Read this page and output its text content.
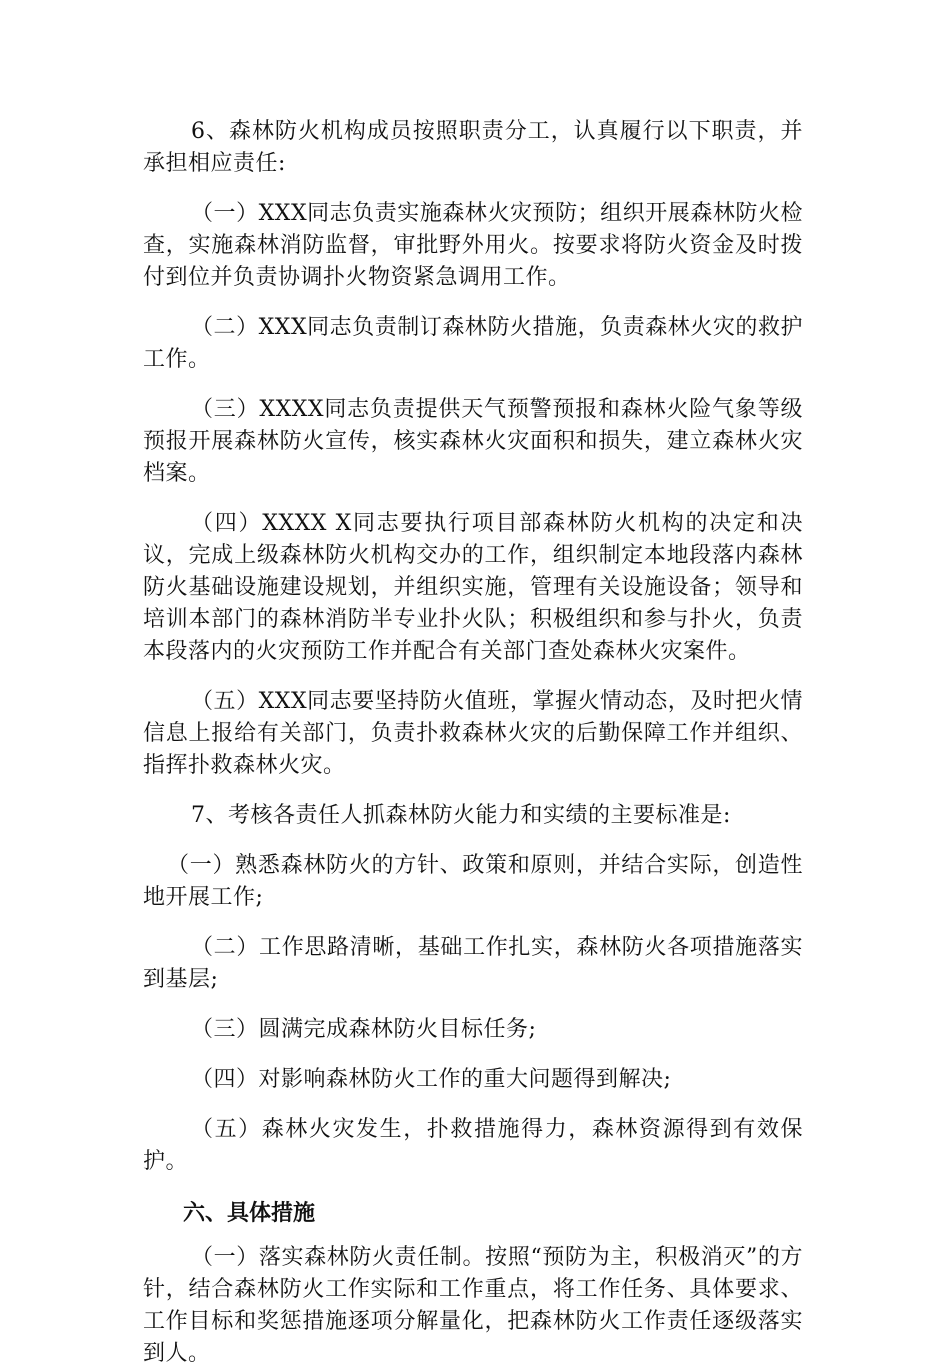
6、森林防火机构成员按照职责分工，认真履行以下职责，并承担相应责任:

（一）XXX同志负责实施森林火灾预防；组织开展森林防火检查，实施森林消防监督，审批野外用火。按要求将防火资金及时拨付到位并负责协调扑火物资紧急调用工作。

（二）XXX同志负责制订森林防火措施，负责森林火灾的救护工作。

（三）XXXX同志负责提供天气预警预报和森林火险气象等级预报开展森林防火宣传，核实森林火灾面积和损失，建立森林火灾档案。

（四）XXXX X同志要执行项目部森林防火机构的决定和决议，完成上级森林防火机构交办的工作，组织制定本地段落内森林防火基础设施建设规划，并组织实施，管理有关设施设备；领导和培训本部门的森林消防半专业扑火队；积极组织和参与扑火，负责本段落内的火灾预防工作并配合有关部门查处森林火灾案件。

（五）XXX同志要坚持防火值班，掌握火情动态，及时把火情信息上报给有关部门，负责扑救森林火灾的后勤保障工作并组织、指挥扑救森林火灾。

7、考核各责任人抓森林防火能力和实绩的主要标准是:

（一）熟悉森林防火的方针、政策和原则，并结合实际，创造性地开展工作;

（二）工作思路清晰，基础工作扎实，森林防火各项措施落实到基层;

（三）圆满完成森林防火目标任务;

（四）对影响森林防火工作的重大问题得到解决;

（五）森林火灾发生，扑救措施得力，森林资源得到有效保护。

六、具体措施

（一）落实森林防火责任制。按照“预防为主，积极消灭”的方针，结合森林防火工作实际和工作重点，将工作任务、具体要求、工作目标和奖惩措施逐项分解量化，把森林防火工作责任逐级落实到人。
